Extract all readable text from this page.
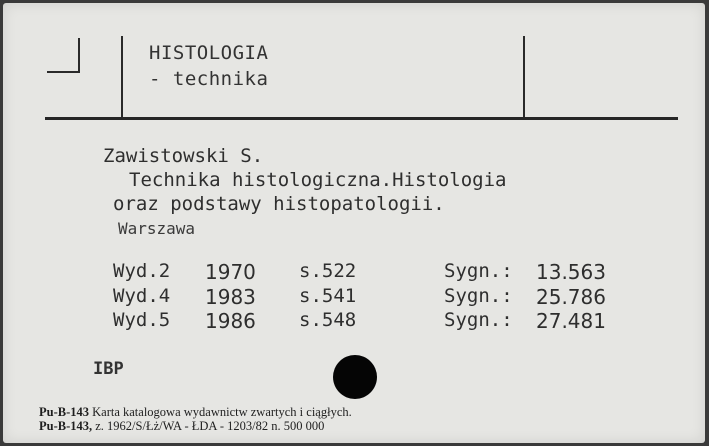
HISTOLOGIA
- technika
Zawistowski S.
Technika histologiczna.Histologia
oraz podstawy histopatologii.
Warszawa
Wyd.2 1970 s.522	Sygn.: 13.563
Wyd.4 1983 s.541	Sygn.: 25.786
Wyd.5 1986 s.548	Sygn.: 27.481
IBP
Pu-B-143 Karta katalogowa wydawnictw zwartych i ciągłych.
Pu-B-143, z. 1962/S/Łż/WA - ŁDA - 1203/82 n. 500 000
